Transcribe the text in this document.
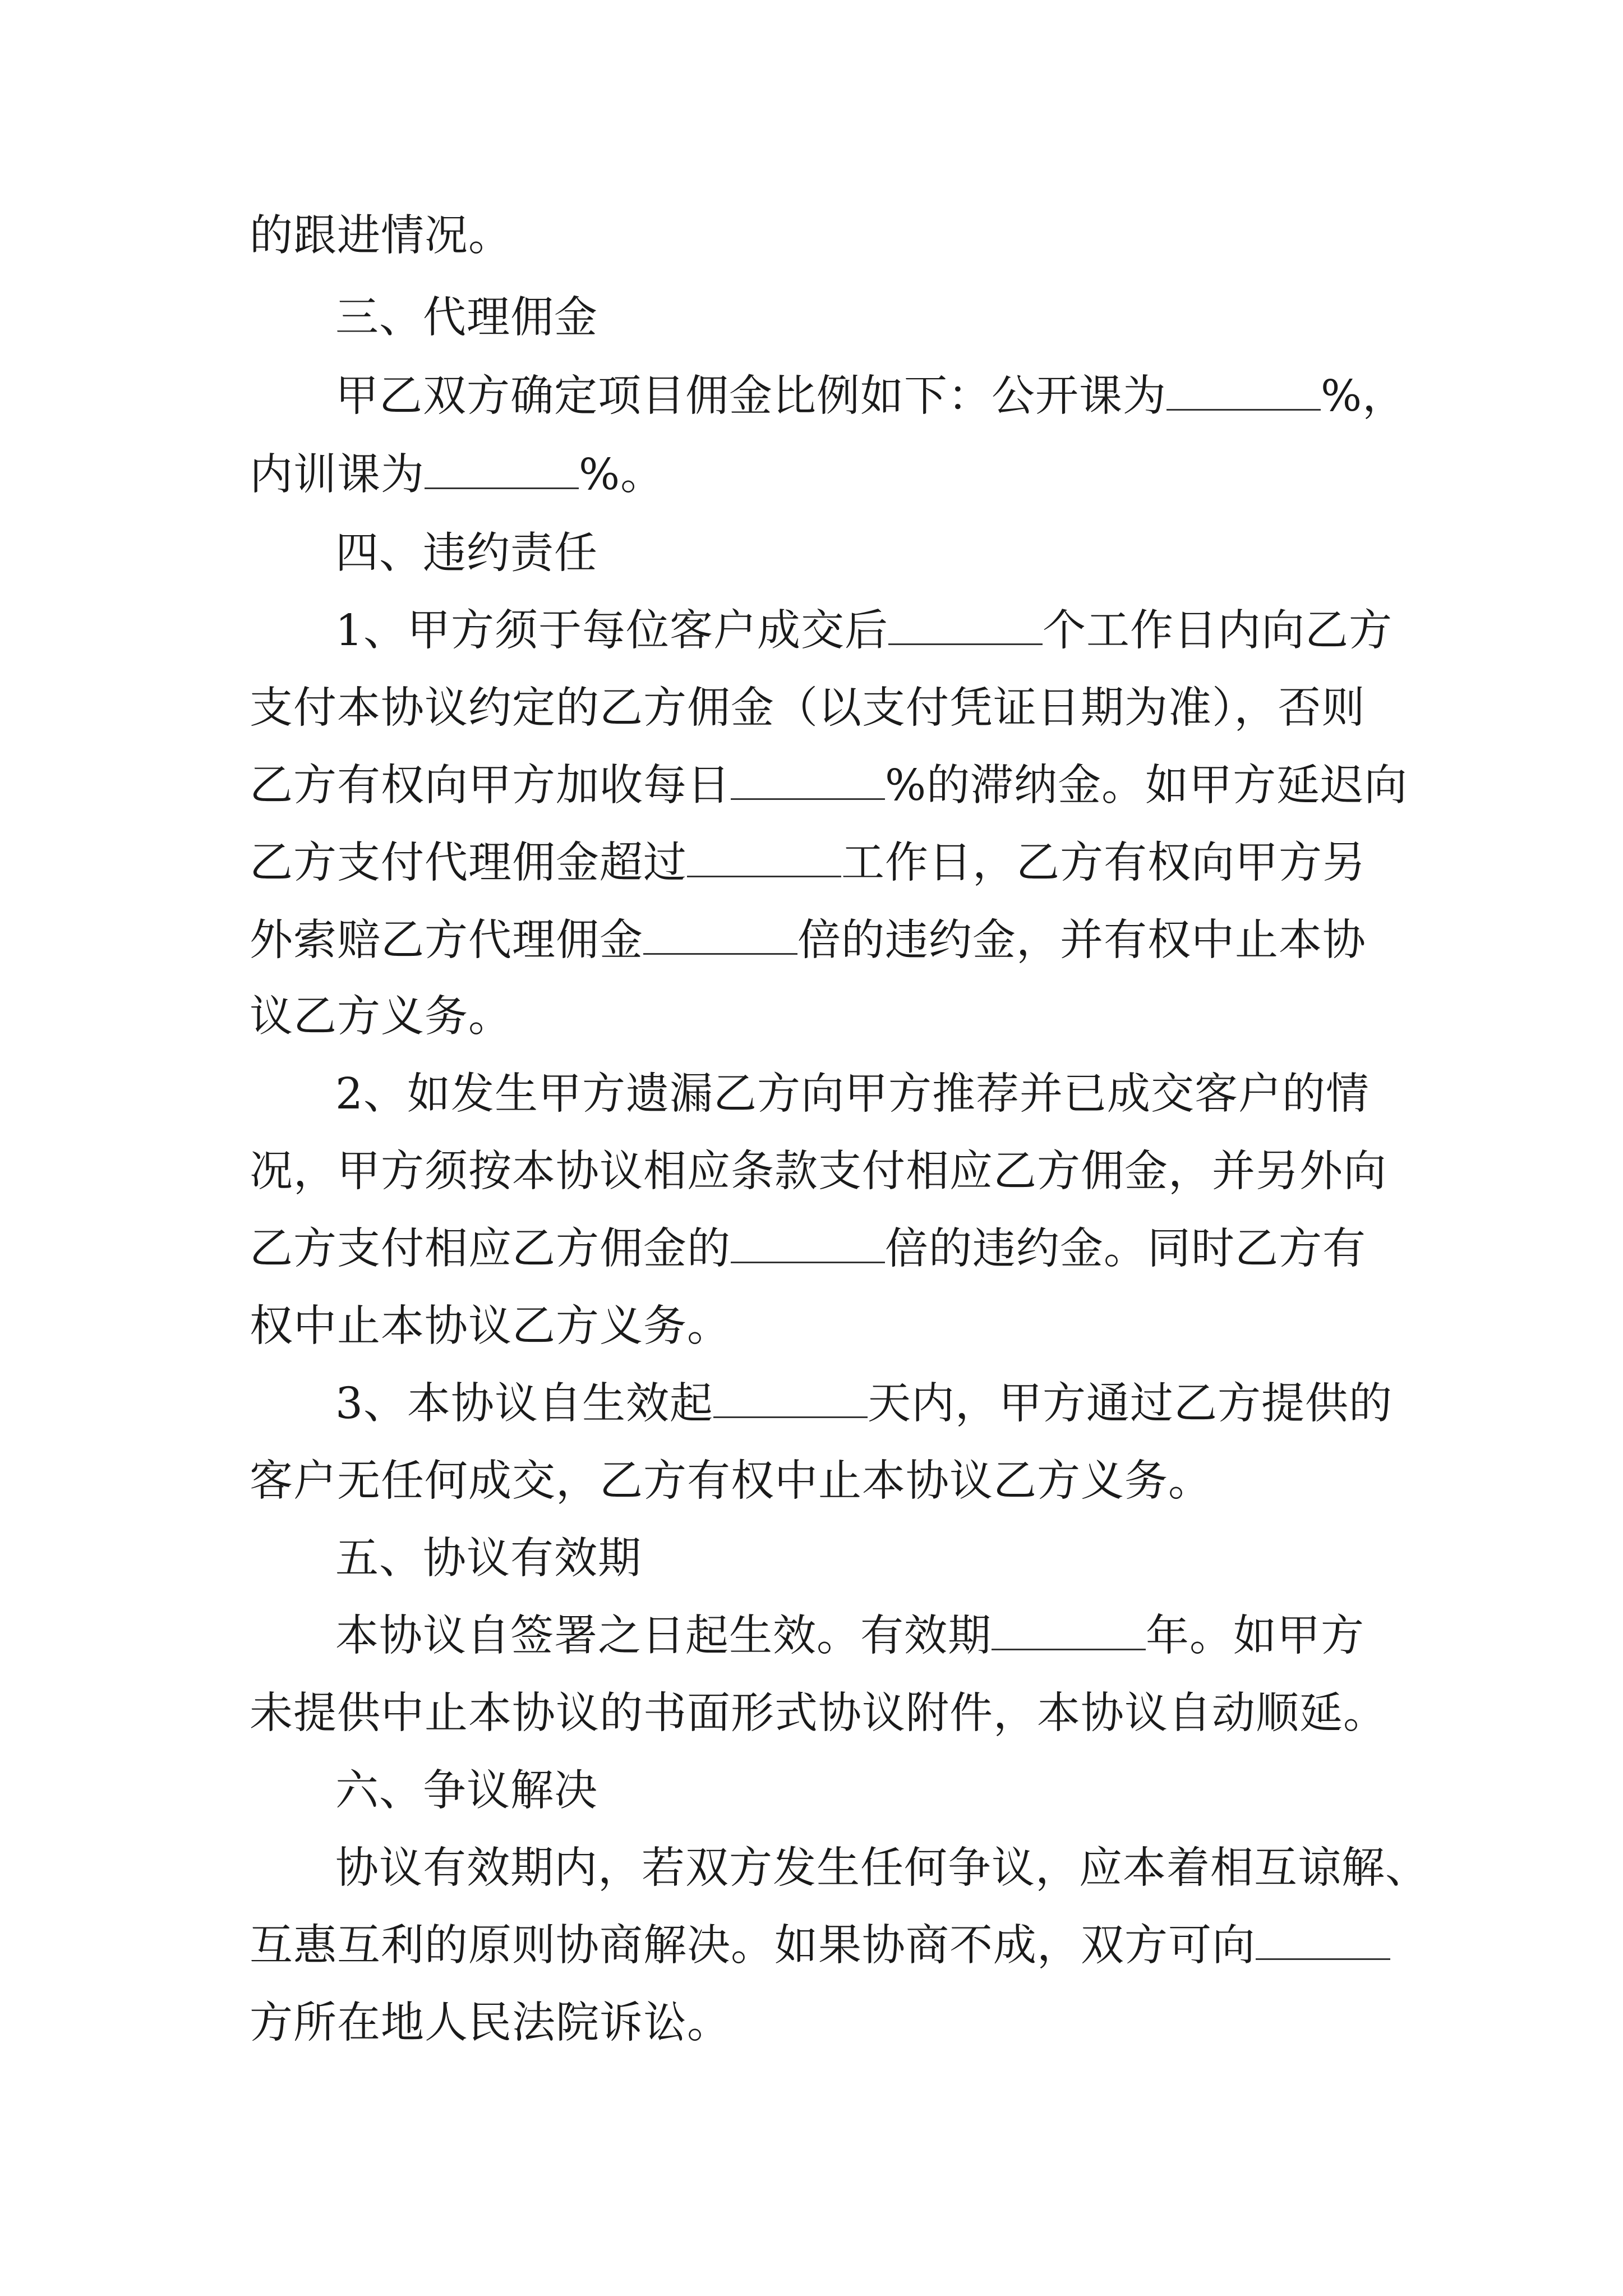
的跟进情况。
三、代理佣金
甲乙双方确定项目佣金比例如下：公开课为	%，
内训课为	%。
四、违约责任
1、甲方须于每位客户成交后	个工作日内向乙方
支付本协议约定的乙方佣金（以支付凭证日期为准），否则
乙方有权向甲方加收每日	%的滞纳金。如甲方延迟向
乙方支付代理佣金超过	工作日，乙方有权向甲方另
外索赔乙方代理佣金	倍的违约金，并有权中止本协
议乙方义务。
2、如发生甲方遗漏乙方向甲方推荐并已成交客户的情
况，甲方须按本协议相应条款支付相应乙方佣金，并另外向
乙方支付相应乙方佣金的	倍的违约金。同时乙方有
权中止本协议乙方义务。
3、本协议自生效起	天内，甲方通过乙方提供的
客户无任何成交，乙方有权中止本协议乙方义务。
五、协议有效期
本协议自签署之日起生效。有效期	年。如甲方
未提供中止本协议的书面形式协议附件，本协议自动顺延。
六、争议解决
协议有效期内，若双方发生任何争议，应本着相互谅解、
互惠互利的原则协商解决。如果协商不成，双方可向
方所在地人民法院诉讼。
